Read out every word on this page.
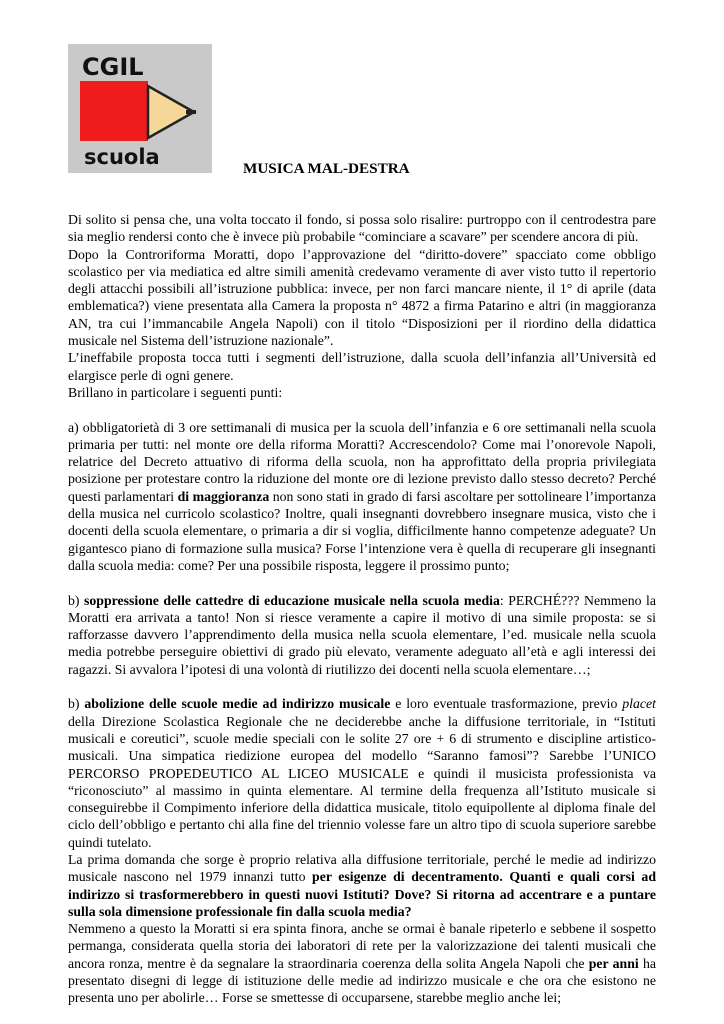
CGIL
scuola	MUSICA MAL-DESTRA

Di solito si pensa che, una volta toccato il fondo, si possa solo risalire: purtroppo con il centrodestra pare sia meglio rendersi conto che è invece più probabile “cominciare a scavare” per scendere ancora di più.

Dopo la Controriforma Moratti, dopo l’approvazione del “diritto-dovere” spacciato come obbligo scolastico per via mediatica ed altre simili amenità credevamo veramente di aver visto tutto il repertorio degli attacchi possibili all’istruzione pubblica: invece, per non farci mancare niente, il 1° di aprile (data emblematica?) viene presentata alla Camera la proposta n° 4872 a firma Patarino e altri (in maggioranza AN, tra cui l’immancabile Angela Napoli) con il titolo “Disposizioni per il riordino della didattica musicale nel Sistema dell’istruzione nazionale”.

L’ineffabile proposta tocca tutti i segmenti dell’istruzione, dalla scuola dell’infanzia all’Università ed elargisce perle di ogni genere.

Brillano in particolare i seguenti punti:

a) obbligatorietà di 3 ore settimanali di musica per la scuola dell’infanzia e 6 ore settimanali nella scuola primaria per tutti: nel monte ore della riforma Moratti? Accrescendolo? Come mai l’onorevole Napoli, relatrice del Decreto attuativo di riforma della scuola, non ha approfittato della propria privilegiata posizione per protestare contro la riduzione del monte ore di lezione previsto dallo stesso decreto? Perché questi parlamentari di maggioranza non sono stati in grado di farsi ascoltare per sottolineare l’importanza della musica nel curricolo scolastico? Inoltre, quali insegnanti dovrebbero insegnare musica, visto che i docenti della scuola elementare, o primaria a dir si voglia, difficilmente hanno competenze adeguate? Un gigantesco piano di formazione sulla musica? Forse l’intenzione vera è quella di recuperare gli insegnanti dalla scuola media: come? Per una possibile risposta, leggere il prossimo punto;

b) soppressione delle cattedre di educazione musicale nella scuola media: PERCHÉ??? Nemmeno la Moratti era arrivata a tanto! Non si riesce veramente a capire il motivo di una simile proposta: se si rafforzasse davvero l’apprendimento della musica nella scuola elementare, l’ed. musicale nella scuola media potrebbe perseguire obiettivi di grado più elevato, veramente adeguato all’età e agli interessi dei ragazzi. Si avvalora l’ipotesi di una volontà di riutilizzo dei docenti nella scuola elementare…;

b) abolizione delle scuole medie ad indirizzo musicale e loro eventuale trasformazione, previo placet della Direzione Scolastica Regionale che ne deciderebbe anche la diffusione territoriale, in “Istituti musicali e coreutici”, scuole medie speciali con le solite 27 ore + 6 di strumento e discipline artistico-musicali. Una simpatica riedizione europea del modello “Saranno famosi”? Sarebbe l’UNICO PERCORSO PROPEDEUTICO AL LICEO MUSICALE e quindi il musicista professionista va “riconosciuto” al massimo in quinta elementare. Al termine della frequenza all’Istituto musicale si conseguirebbe il Compimento inferiore della didattica musicale, titolo equipollente al diploma finale del ciclo dell’obbligo e pertanto chi alla fine del triennio volesse fare un altro tipo di scuola superiore sarebbe quindi tutelato.

La prima domanda che sorge è proprio relativa alla diffusione territoriale, perché le medie ad indirizzo musicale nascono nel 1979 innanzi tutto per esigenze di decentramento. Quanti e quali corsi ad indirizzo si trasformerebbero in questi nuovi Istituti? Dove? Si ritorna ad accentrare e a puntare sulla sola dimensione professionale fin dalla scuola media?

Nemmeno a questo la Moratti si era spinta finora, anche se ormai è banale ripeterlo e sebbene il sospetto permanga, considerata quella storia dei laboratori di rete per la valorizzazione dei talenti musicali che ancora ronza, mentre è da segnalare la straordinaria coerenza della solita Angela Napoli che per anni ha presentato disegni di legge di istituzione delle medie ad indirizzo musicale e che ora che esistono ne presenta uno per abolirle… Forse se smettesse di occuparsene, starebbe meglio anche lei;
